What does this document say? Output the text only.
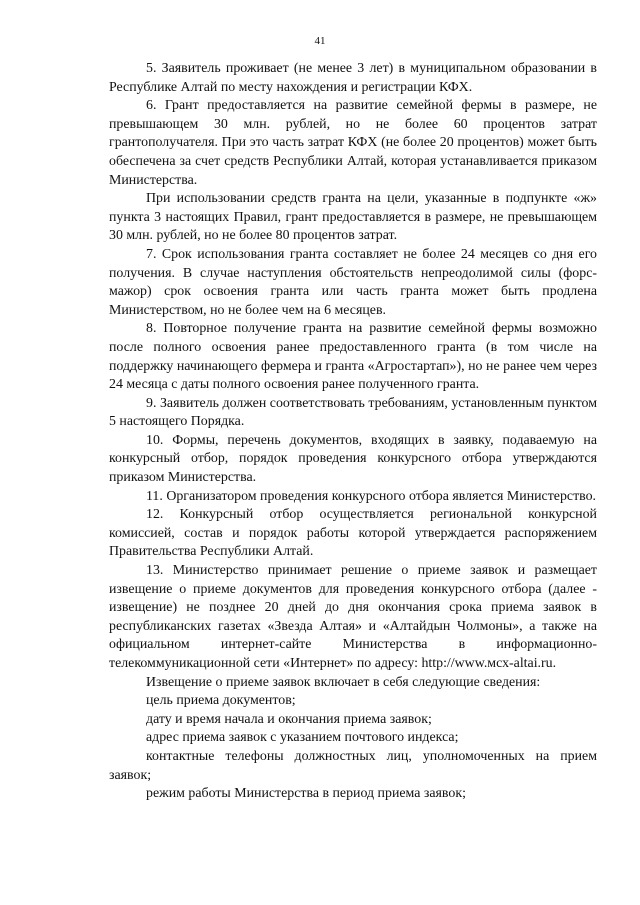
41

5. Заявитель проживает (не менее 3 лет) в муниципальном образовании в Республике Алтай по месту нахождения и регистрации КФХ.

6. Грант предоставляется на развитие семейной фермы в размере, не превышающем 30 млн. рублей, но не более 60 процентов затрат грантополучателя. При это часть затрат КФХ (не более 20 процентов) может быть обеспечена за счет средств Республики Алтай, которая устанавливается приказом Министерства.

При использовании средств гранта на цели, указанные в подпункте «ж» пункта 3 настоящих Правил, грант предоставляется в размере, не превышающем 30 млн. рублей, но не более 80 процентов затрат.

7. Срок использования гранта составляет не более 24 месяцев со дня его получения. В случае наступления обстоятельств непреодолимой силы (форс-мажор) срок освоения гранта или часть гранта может быть продлена Министерством, но не более чем на 6 месяцев.

8. Повторное получение гранта на развитие семейной фермы возможно после полного освоения ранее предоставленного гранта (в том числе на поддержку начинающего фермера и гранта «Агростартап»), но не ранее чем через 24 месяца с даты полного освоения ранее полученного гранта.

9. Заявитель должен соответствовать требованиям, установленным пунктом 5 настоящего Порядка.

10. Формы, перечень документов, входящих в заявку, подаваемую на конкурсный отбор, порядок проведения конкурсного отбора утверждаются приказом Министерства.

11. Организатором проведения конкурсного отбора является Министерство.

12. Конкурсный отбор осуществляется региональной конкурсной комиссией, состав и порядок работы которой утверждается распоряжением Правительства Республики Алтай.

13. Министерство принимает решение о приеме заявок и размещает извещение о приеме документов для проведения конкурсного отбора (далее - извещение) не позднее 20 дней до дня окончания срока приема заявок в республиканских газетах «Звезда Алтая» и «Алтайдын Чолмоны», а также на официальном интернет-сайте Министерства в информационно-телекоммуникационной сети «Интернет» по адресу: http://www.мсх-altai.ru.

Извещение о приеме заявок включает в себя следующие сведения:

цель приема документов;

дату и время начала и окончания приема заявок;

адрес приема заявок с указанием почтового индекса;

контактные телефоны должностных лиц, уполномоченных на прием заявок;

режим работы Министерства в период приема заявок;
